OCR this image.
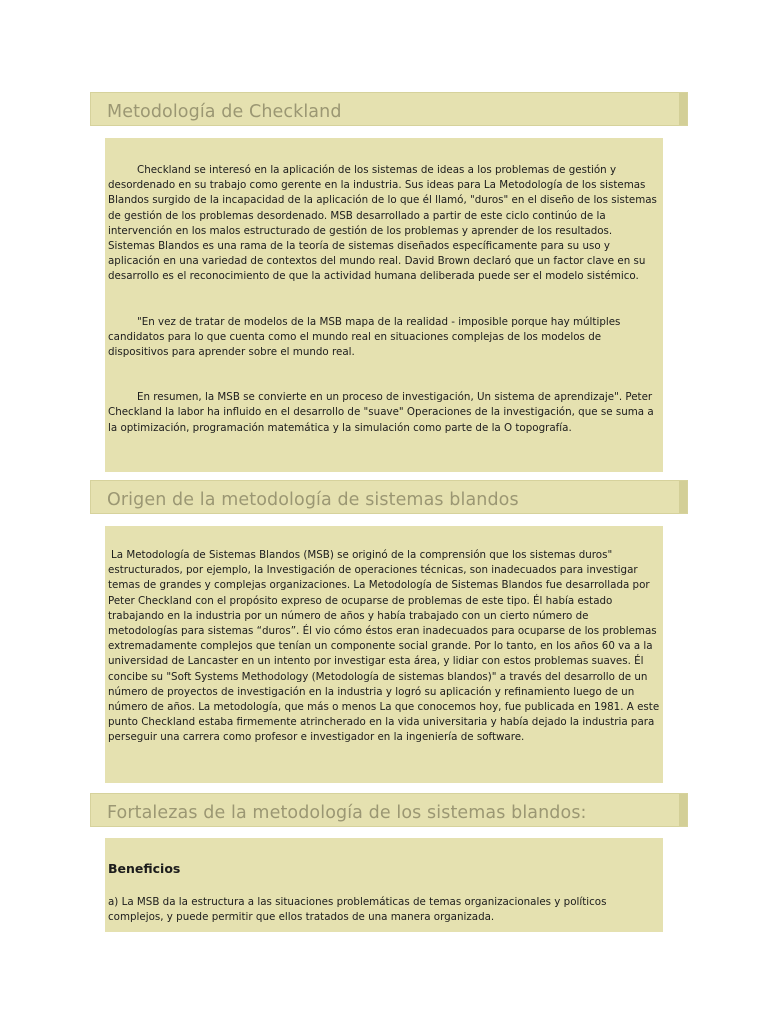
Metodología de Checkland

Checkland se interesó en la aplicación de los sistemas de ideas a los problemas de gestión y desordenado en su trabajo como gerente en la industria. Sus ideas para La Metodología de los sistemas Blandos surgido de la incapacidad de la aplicación de lo que él llamó, "duros" en el diseño de los sistemas de gestión de los problemas desordenado. MSB desarrollado a partir de este ciclo continúo de la intervención en los malos estructurado de gestión de los problemas y aprender de los resultados. Sistemas Blandos es una rama de la teoría de sistemas diseñados específicamente para su uso y aplicación en una variedad de contextos del mundo real. David Brown declaró que un factor clave en su desarrollo es el reconocimiento de que la actividad humana deliberada puede ser el modelo sistémico.

"En vez de tratar de modelos de la MSB mapa de la realidad - imposible porque hay múltiples candidatos para lo que cuenta como el mundo real en situaciones complejas de los modelos de dispositivos para aprender sobre el mundo real.

En resumen, la MSB se convierte en un proceso de investigación, Un sistema de aprendizaje". Peter Checkland la labor ha influido en el desarrollo de "suave" Operaciones de la investigación, que se suma a la optimización, programación matemática y la simulación como parte de la O topografía.

Origen de la metodología de sistemas blandos

La Metodología de Sistemas Blandos (MSB) se originó de la comprensión que los sistemas duros" estructurados, por ejemplo, la Investigación de operaciones técnicas, son inadecuados para investigar temas de grandes y complejas organizaciones. La Metodología de Sistemas Blandos fue desarrollada por Peter Checkland con el propósito expreso de ocuparse de problemas de este tipo. Él había estado trabajando en la industria por un número de años y había trabajado con un cierto número de metodologías para sistemas “duros”. Él vio cómo éstos eran inadecuados para ocuparse de los problemas extremadamente complejos que tenían un componente social grande. Por lo tanto, en los años 60 va a la universidad de Lancaster en un intento por investigar esta área, y lidiar con estos problemas suaves. Él concibe su "Soft Systems Methodology (Metodología de sistemas blandos)" a través del desarrollo de un número de proyectos de investigación en la industria y logró su aplicación y refinamiento luego de un número de años. La metodología, que más o menos La que conocemos hoy, fue publicada en 1981. A este punto Checkland estaba firmemente atrincherado en la vida universitaria y había dejado la industria para perseguir una carrera como profesor e investigador en la ingeniería de software.

Fortalezas de la metodología de los sistemas blandos:
Beneficios

a) La MSB da la estructura a las situaciones problemáticas de temas organizacionales y políticos complejos, y puede permitir que ellos tratados de una manera organizada.
